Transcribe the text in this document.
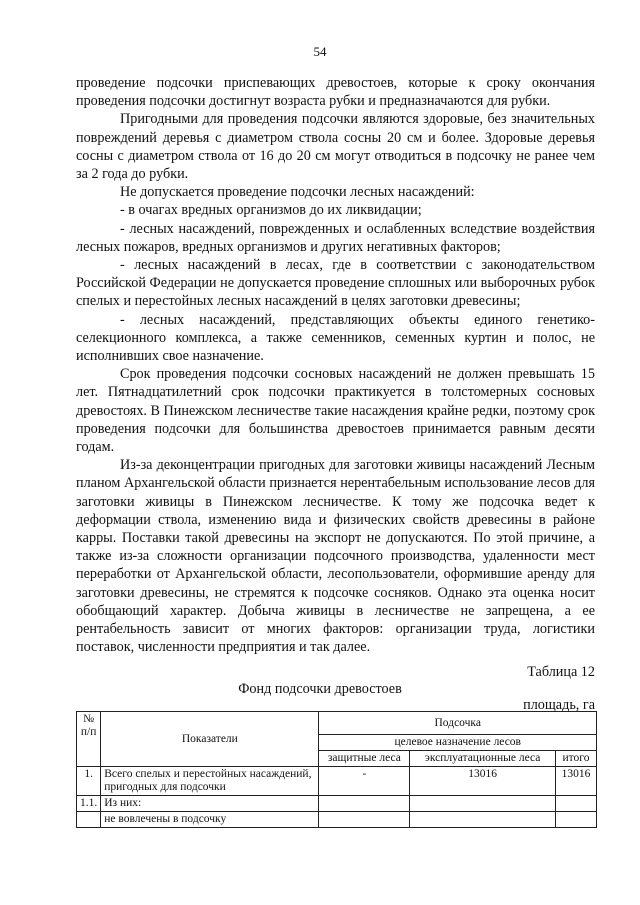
54

проведение подсочки приспевающих древостоев, которые к сроку окончания проведения подсочки достигнут возраста рубки и предназначаются для рубки.

Пригодными для проведения подсочки являются здоровые, без значительных повреждений деревья с диаметром ствола сосны 20 см и более. Здоровые деревья сосны с диаметром ствола от 16 до 20 см могут отводиться в подсочку не ранее чем за 2 года до рубки.

Не допускается проведение подсочки лесных насаждений:

- в очагах вредных организмов до их ликвидации;

- лесных насаждений, поврежденных и ослабленных вследствие воздействия лесных пожаров, вредных организмов и других негативных факторов;

- лесных насаждений в лесах, где в соответствии с законодательством Российской Федерации не допускается проведение сплошных или выборочных рубок спелых и перестойных лесных насаждений в целях заготовки древесины;

- лесных насаждений, представляющих объекты единого генетико-селекционного комплекса, а также семенников, семенных куртин и полос, не исполнивших свое назначение.

Срок проведения подсочки сосновых насаждений не должен превышать 15 лет. Пятнадцатилетний срок подсочки практикуется в толстомерных сосновых древостоях. В Пинежском лесничестве такие насаждения крайне редки, поэтому срок проведения подсочки для большинства древостоев принимается равным десяти годам.

Из-за деконцентрации пригодных для заготовки живицы насаждений Лесным планом Архангельской области признается нерентабельным использование лесов для заготовки живицы в Пинежском лесничестве. К тому же подсочка ведет к деформации ствола, изменению вида и физических свойств древесины в районе карры. Поставки такой древесины на экспорт не допускаются. По этой причине, а также из-за сложности организации подсочного производства, удаленности мест переработки от Архангельской области, лесопользователи, оформившие аренду для заготовки древесины, не стремятся к подсочке сосняков. Однако эта оценка носит обобщающий характер. Добыча живицы в лесничестве не запрещена, а ее рентабельность зависит от многих факторов: организации труда, логистики поставок, численности предприятия и так далее.

Таблица 12
Фонд подсочки древостоев
площадь, га
№ п/п	Показатели	Подсочка		
		целевое назначение лесов		
		защитные леса	эксплуатационные леса	итого
1.	Всего спелых и перестойных насаждений, пригодных для подсочки	-	13016	13016
1.1.	Из них:			
	не вовлечены в подсочку			
